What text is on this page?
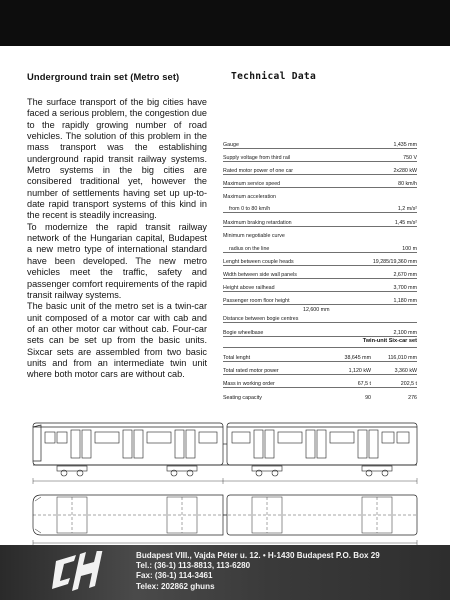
Underground train set (Metro set)	Technical Data

The surface transport of the big cities have faced a serious problem, the congestion due to the rapidly growing number of road vehicles. The solution of this problem in the mass transport was the establishing underground rapid transit railway systems. Metro systems in the big cities are consibered traditional yet, however the number of settlements having set up up-to-date rapid transport systems of this kind in the recent is steadily increasing.

To modernize the rapid transit railway network of the Hungarian capital, Budapest a new metro type of international standard have been developed. The new metro vehicles meet the traffic, safety and passenger comfort requirements of the rapid transit railway systems.

The basic unit of the metro set is a twin-car unit composed of a motor car with cab and of an other motor car without cab. Four-car sets can be set up from the basic units. Sixcar sets are assembled from two basic units and from an intermediate twin unit where both motor cars are without cab.

Gauge	1,435 mm
Supply voltage from third rail	750 V
Rated motor power of one car	2x280 kW
Maximum service speed	80 km/h
Maximum acceleration
from 0 to 80 km/h	1,2 m/s²
Maximum braking retardation	1,45 m/s²
Minimum negotiable curve
radius on the line	100 m
Lenght between couple heads	19,285/19,360 mm
Width between side wall panels	2,670 mm
Height above railhead	3,700 mm
Passenger room floor height	1,180 mm
Distance between bogie centres
12,600 mm
Bogie wheelbase	2,100 mm
Twin-unit Six-car set
Total lenght	38,645 mm	116,010 mm
Total rated motor power	1,120 kW	3,360 kW
Mass in working order	67,5 t	202,5 t
Seating capacity	90	276
Budapest VIII., Vajda Péter u. 12. • H-1430 Budapest P.O. Box 29
Tel.: (36-1) 113-8813, 113-6280
Fax: (36-1) 114-3461
Telex: 202862 ghuns
